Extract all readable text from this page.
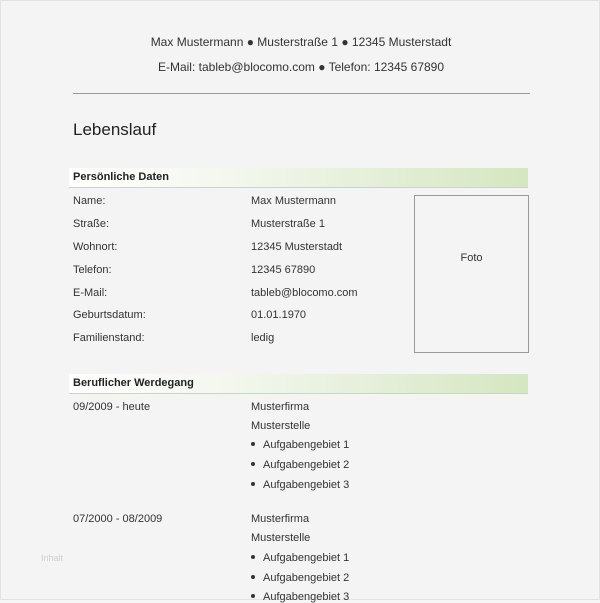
Max Mustermann ● Musterstraße 1 ● 12345 Musterstadt
E-Mail: tableb@blocomo.com ● Telefon: 12345 67890
Lebenslauf
Persönliche Daten
Name:	Max Mustermann
Straße:	Musterstraße 1
Wohnort:	12345 Musterstadt
Telefon:	12345 67890
E-Mail:	tableb@blocomo.com
Geburtsdatum:	01.01.1970
Familienstand:	ledig
Foto
Beruflicher Werdegang
09/2009 - heute	Musterfirma
Musterstelle
Aufgabengebiet 1
Aufgabengebiet 2
Aufgabengebiet 3
07/2000 - 08/2009	Musterfirma
Musterstelle
Aufgabengebiet 1
Aufgabengebiet 2
Aufgabengebiet 3
Inhalt
